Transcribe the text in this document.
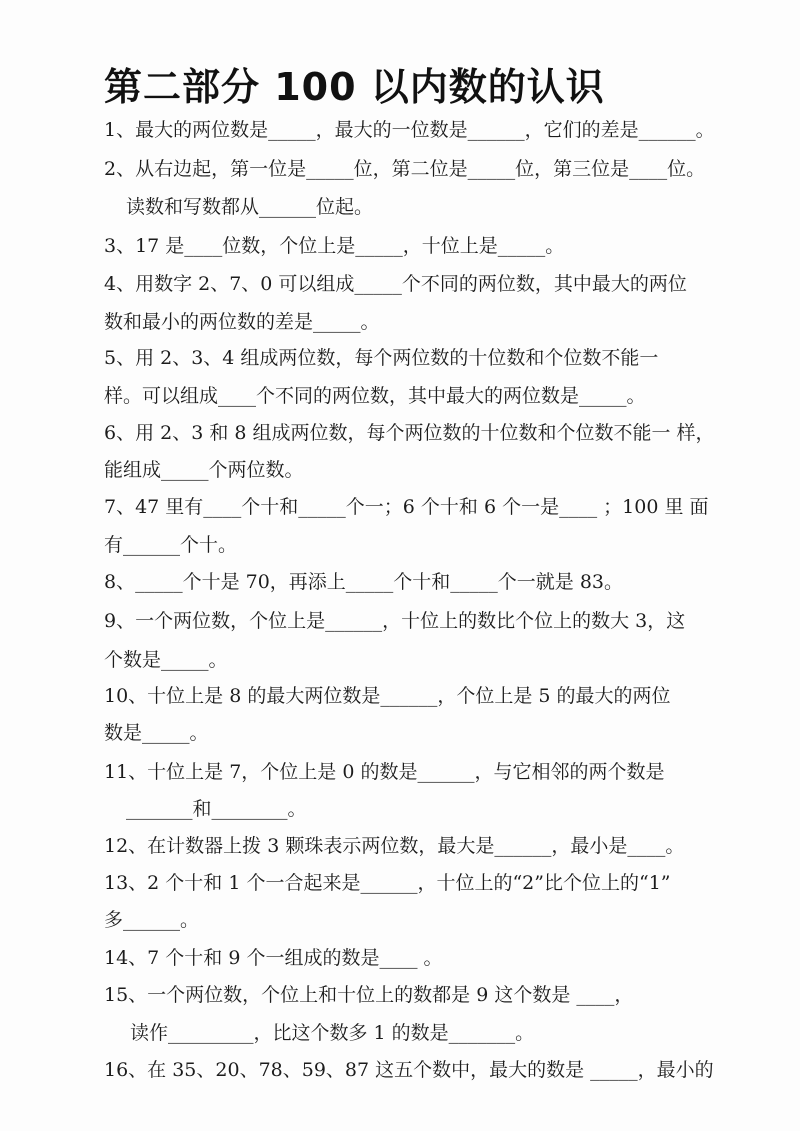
第二部分 100 以内数的认识
1、最大的两位数是_____，最大的一位数是______，它们的差是______。
2、从右边起，第一位是_____位，第二位是_____位，第三位是____位。
读数和写数都从______位起。
3、17 是____位数，个位上是_____，十位上是_____。
4、用数字 2、7、0 可以组成_____个不同的两位数，其中最大的两位
数和最小的两位数的差是_____。
5、用 2、3、4 组成两位数，每个两位数的十位数和个位数不能一
样。可以组成____个不同的两位数，其中最大的两位数是_____。
6、用 2、3 和 8 组成两位数，每个两位数的十位数和个位数不能一 样，
能组成_____个两位数。
7、47 里有____个十和_____个一；6 个十和 6 个一是____ ；100 里 面
有______个十。
8、_____个十是 70，再添上_____个十和_____个一就是 83。
9、一个两位数，个位上是______，十位上的数比个位上的数大 3，这
个数是_____。
10、十位上是 8 的最大两位数是______，个位上是 5 的最大的两位
数是_____。
11、十位上是 7，个位上是 0 的数是______，与它相邻的两个数是
_______和________。
12、在计数器上拨 3 颗珠表示两位数，最大是______，最小是____。
13、2 个十和 1 个一合起来是______，十位上的“2”比个位上的“1”
多______。
14、7 个十和 9 个一组成的数是____ 。
15、一个两位数，个位上和十位上的数都是 9 这个数是 ____，
读作_________，比这个数多 1 的数是_______。
16、在 35、20、78、59、87 这五个数中，最大的数是 _____，最小的
